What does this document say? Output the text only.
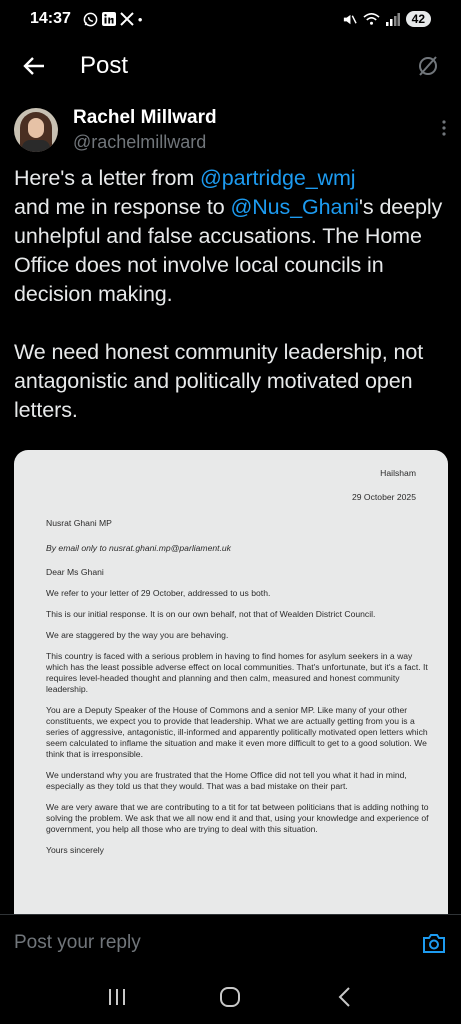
14:37	•	42
Post
Rachel Millward
@rachelmillward

Here's a letter from @partridge_wmj
and me in response to @Nus_Ghani's deeply unhelpful and false accusations. The Home Office does not involve local councils in decision making.

We need honest community leadership, not antagonistic and politically motivated open letters.

Hailsham
29 October 2025
Nusrat Ghani MP
By email only to nusrat.ghani.mp@parliament.uk
Dear Ms Ghani
We refer to your letter of 29 October, addressed to us both.
This is our initial response. It is on our own behalf, not that of Wealden District Council.
We are staggered by the way you are behaving.
This country is faced with a serious problem in having to find homes for asylum seekers in a way which has the least possible adverse effect on local communities. That's unfortunate, but it's a fact. It requires level-headed thought and planning and then calm, measured and honest community leadership.
You are a Deputy Speaker of the House of Commons and a senior MP. Like many of your other constituents, we expect you to provide that leadership. What we are actually getting from you is a series of aggressive, antagonistic, ill-informed and apparently politically motivated open letters which seem calculated to inflame the situation and make it even more difficult to get to a good solution. We think that is irresponsible.
We understand why you are frustrated that the Home Office did not tell you what it had in mind, especially as they told us that they would. That was a bad mistake on their part.
We are very aware that we are contributing to a tit for tat between politicians that is adding nothing to solving the problem. We ask that we all now end it and that, using your knowledge and experience of government, you help all those who are trying to deal with this situation.
Yours sincerely
Post your reply
